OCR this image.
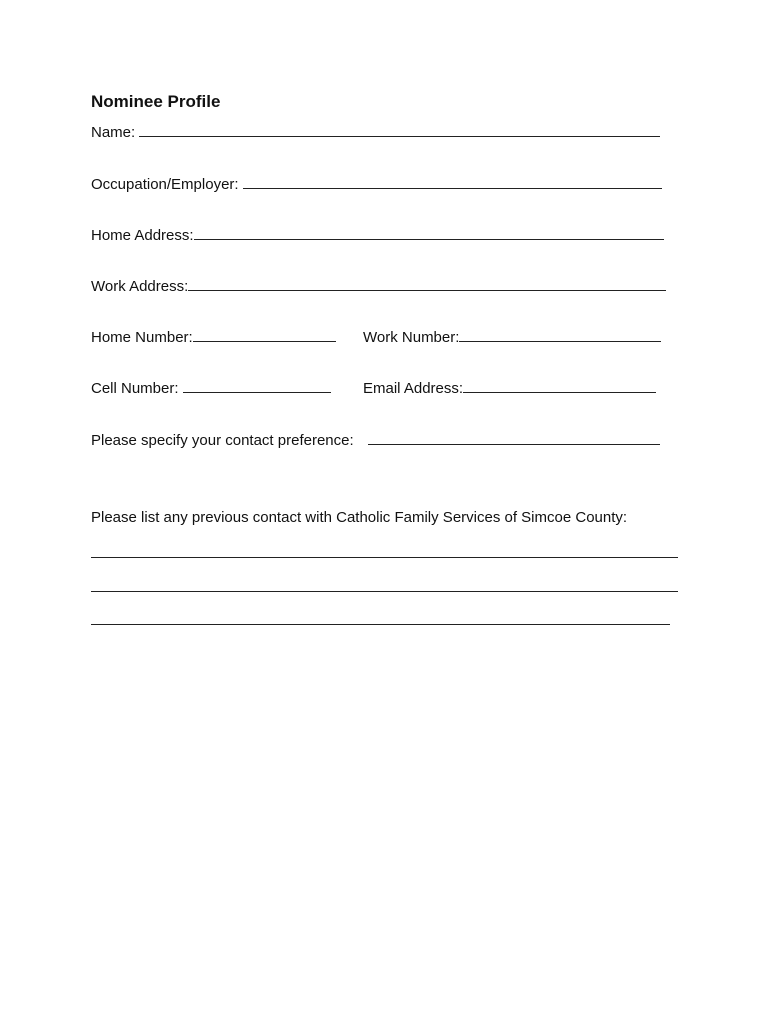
Nominee Profile
Name:
Occupation/Employer:
Home Address:
Work Address:
Home Number:	Work Number:
Cell Number:	Email Address:
Please specify your contact preference:
Please list any previous contact with Catholic Family Services of Simcoe County:
